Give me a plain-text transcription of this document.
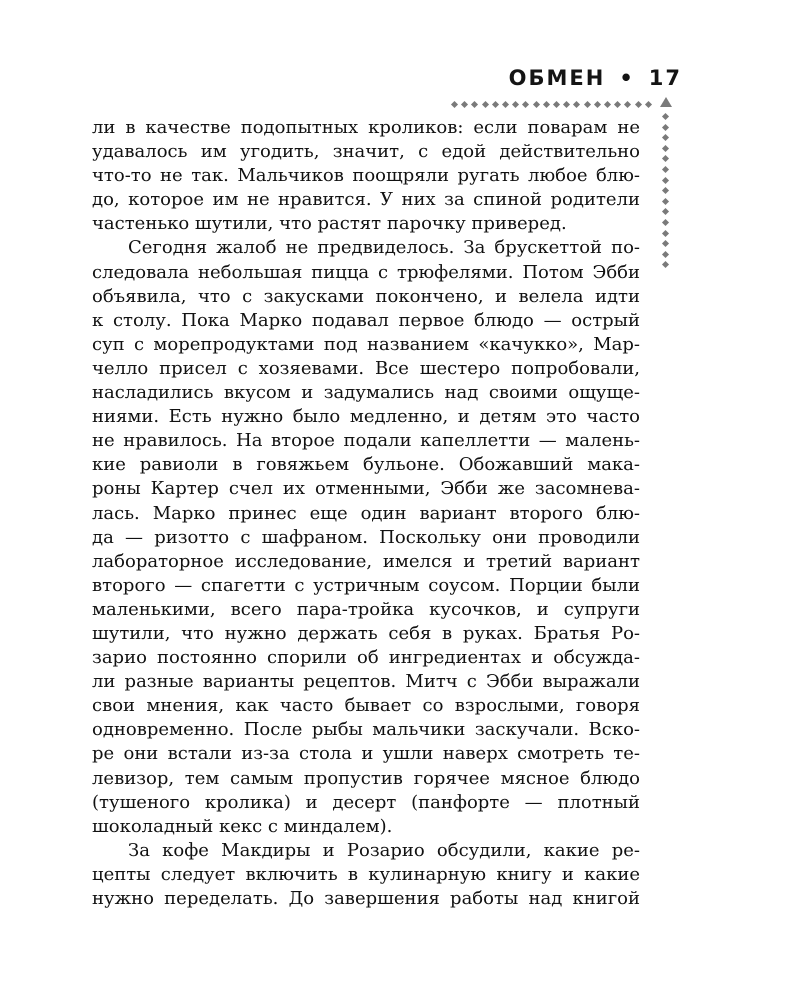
ОБМЕН • 17
ли в качестве подопытных кроликов: если поварам не
удавалось им угодить, значит, с едой действительно
что-то не так. Мальчиков поощряли ругать любое блю-
до, которое им не нравится. У них за спиной родители
частенько шутили, что растят парочку приверед.
Сегодня жалоб не предвиделось. За брускеттой по-
следовала небольшая пицца с трюфелями. Потом Эбби
объявила, что с закусками покончено, и велела идти
к столу. Пока Марко подавал первое блюдо — острый
суп с морепродуктами под названием «качукко», Мар-
челло присел с хозяевами. Все шестеро попробовали,
насладились вкусом и задумались над своими ощуще-
ниями. Есть нужно было медленно, и детям это часто
не нравилось. На второе подали капеллетти — малень-
кие равиоли в говяжьем бульоне. Обожавший мака-
роны Картер счел их отменными, Эбби же засомнева-
лась. Марко принес еще один вариант второго блю-
да — ризотто с шафраном. Поскольку они проводили
лабораторное исследование, имелся и третий вариант
второго — спагетти с устричным соусом. Порции были
маленькими, всего пара-тройка кусочков, и супруги
шутили, что нужно держать себя в руках. Братья Ро-
зарио постоянно спорили об ингредиентах и обсужда-
ли разные варианты рецептов. Митч с Эбби выражали
свои мнения, как часто бывает со взрослыми, говоря
одновременно. После рыбы мальчики заскучали. Вско-
ре они встали из-за стола и ушли наверх смотреть те-
левизор, тем самым пропустив горячее мясное блюдо
(тушеного кролика) и десерт (панфорте — плотный
шоколадный кекс с миндалем).
За кофе Макдиры и Розарио обсудили, какие ре-
цепты следует включить в кулинарную книгу и какие
нужно переделать. До завершения работы над книгой
